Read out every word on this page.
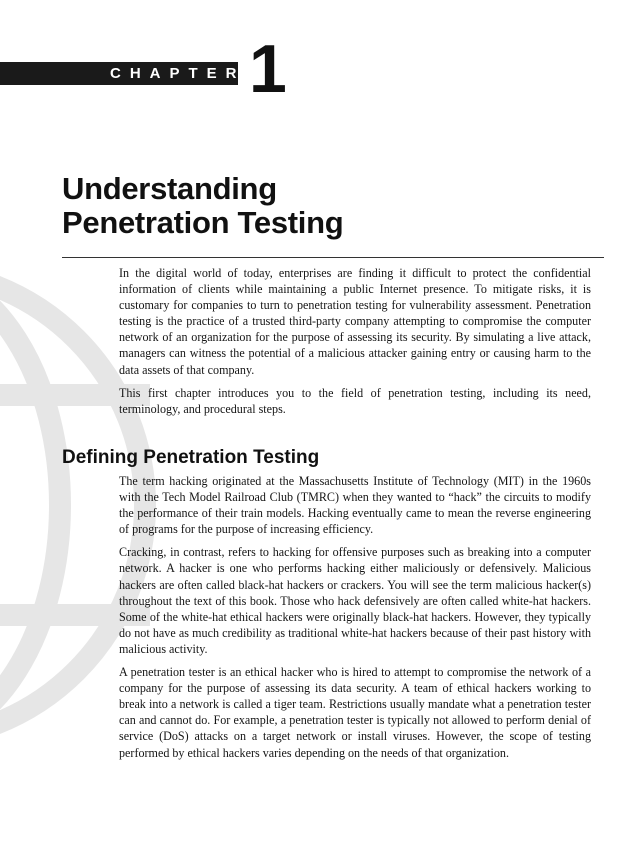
CHAPTER 1
Understanding
Penetration Testing

In the digital world of today, enterprises are finding it difficult to protect the confidential information of clients while maintaining a public Internet presence. To mitigate risks, it is customary for companies to turn to penetration testing for vulnerability assessment. Penetration testing is the practice of a trusted third-party company attempting to compromise the computer network of an organization for the purpose of assessing its security. By simulating a live attack, managers can witness the potential of a malicious attacker gaining entry or causing harm to the data assets of that company.

This first chapter introduces you to the field of penetration testing, including its need, terminology, and procedural steps.

Defining Penetration Testing

The term hacking originated at the Massachusetts Institute of Technology (MIT) in the 1960s with the Tech Model Railroad Club (TMRC) when they wanted to “hack” the circuits to modify the performance of their train models. Hacking eventually came to mean the reverse engineering of programs for the purpose of increasing efficiency.

Cracking, in contrast, refers to hacking for offensive purposes such as breaking into a computer network. A hacker is one who performs hacking either maliciously or defensively. Malicious hackers are often called black-hat hackers or crackers. You will see the term malicious hacker(s) throughout the text of this book. Those who hack defensively are often called white-hat hackers. Some of the white-hat ethical hackers were originally black-hat hackers. However, they typically do not have as much credibility as traditional white-hat hackers because of their past history with malicious activity.

A penetration tester is an ethical hacker who is hired to attempt to compromise the network of a company for the purpose of assessing its data security. A team of ethical hackers working to break into a network is called a tiger team. Restrictions usually mandate what a penetration tester can and cannot do. For example, a penetration tester is typically not allowed to perform denial of service (DoS) attacks on a target network or install viruses. However, the scope of testing performed by ethical hackers varies depending on the needs of that organization.
